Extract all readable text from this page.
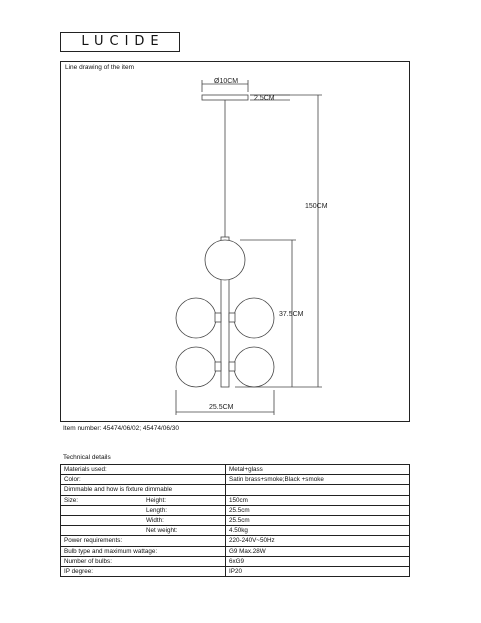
LUCIDE
Line drawing of the item
Ø10CM
2.5CM
150CM
37.5CM
25.5CM
Item number: 45474/06/02; 45474/06/30
Technical details
Materials used:	Metal+glass
Color:	Satin brass+smoke;Black +smoke
Dimmable and how is fixture dimmable	
Size: Height:	150cm
Length:	25.5cm
Width:	25.5cm
Net weight:	4.50kg
Power requirements:	220-240V~50Hz
Bulb type and maximum wattage:	G9 Max.28W
Number of bulbs:	6xG9
IP degree:	IP20
